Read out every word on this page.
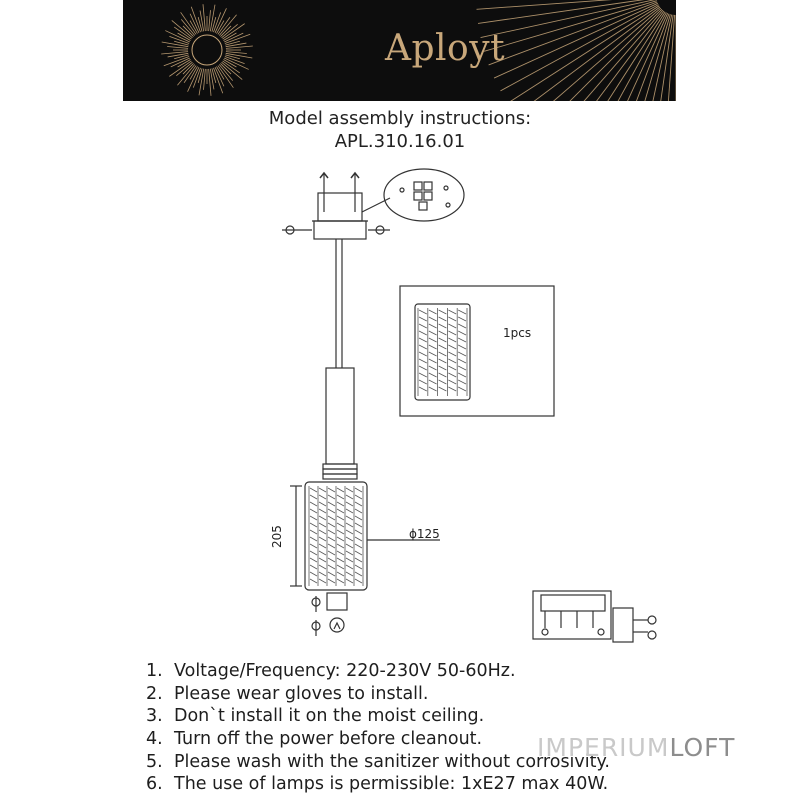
Aployt
Model assembly instructions:
APL.310.16.01
1pcs
205	ϕ125
1. Voltage/Frequency: 220-230V 50-60Hz.
2. Please wear gloves to install.
3. Don`t install it on the moist ceiling.
4. Turn off the power before cleanout.
5. Please wash with the sanitizer without corrosivity.
6. The use of lamps is permissible: 1xE27 max 40W.
IMPERIUMLOFT
